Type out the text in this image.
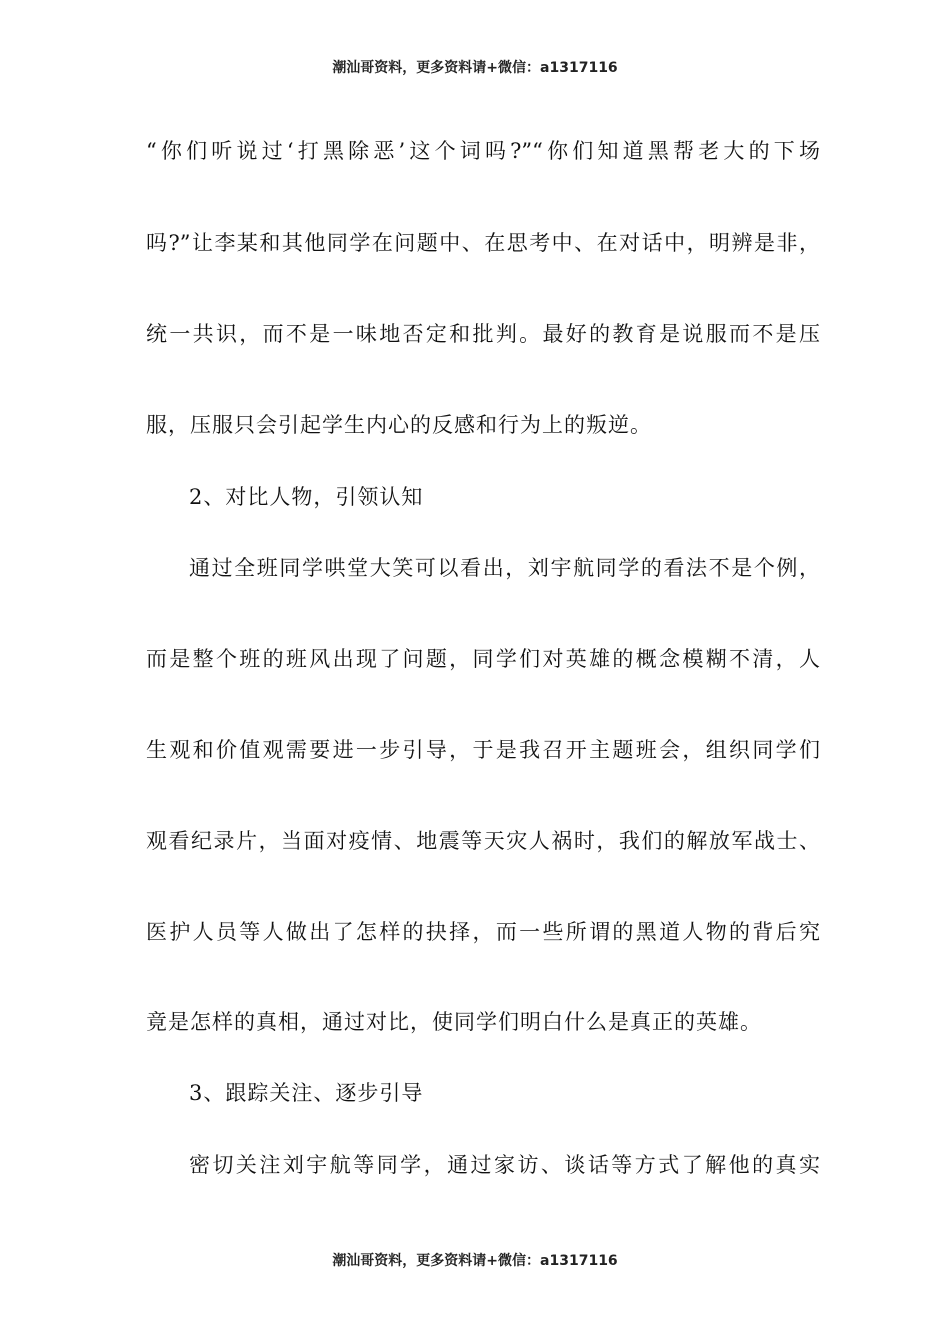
潮汕哥资料，更多资料请+微信：a1317116
“你们听说过‘打黑除恶’这个词吗?”“你们知道黑帮老大的下场
吗?”让李某和其他同学在问题中、在思考中、在对话中，明辨是非，
统一共识，而不是一味地否定和批判。最好的教育是说服而不是压
服，压服只会引起学生内心的反感和行为上的叛逆。
2、对比人物，引领认知
通过全班同学哄堂大笑可以看出，刘宇航同学的看法不是个例，
而是整个班的班风出现了问题，同学们对英雄的概念模糊不清，人
生观和价值观需要进一步引导，于是我召开主题班会，组织同学们
观看纪录片，当面对疫情、地震等天灾人祸时，我们的解放军战士、
医护人员等人做出了怎样的抉择，而一些所谓的黑道人物的背后究
竟是怎样的真相，通过对比，使同学们明白什么是真正的英雄。
3、跟踪关注、逐步引导
密切关注刘宇航等同学，通过家访、谈话等方式了解他的真实
潮汕哥资料，更多资料请+微信：a1317116
